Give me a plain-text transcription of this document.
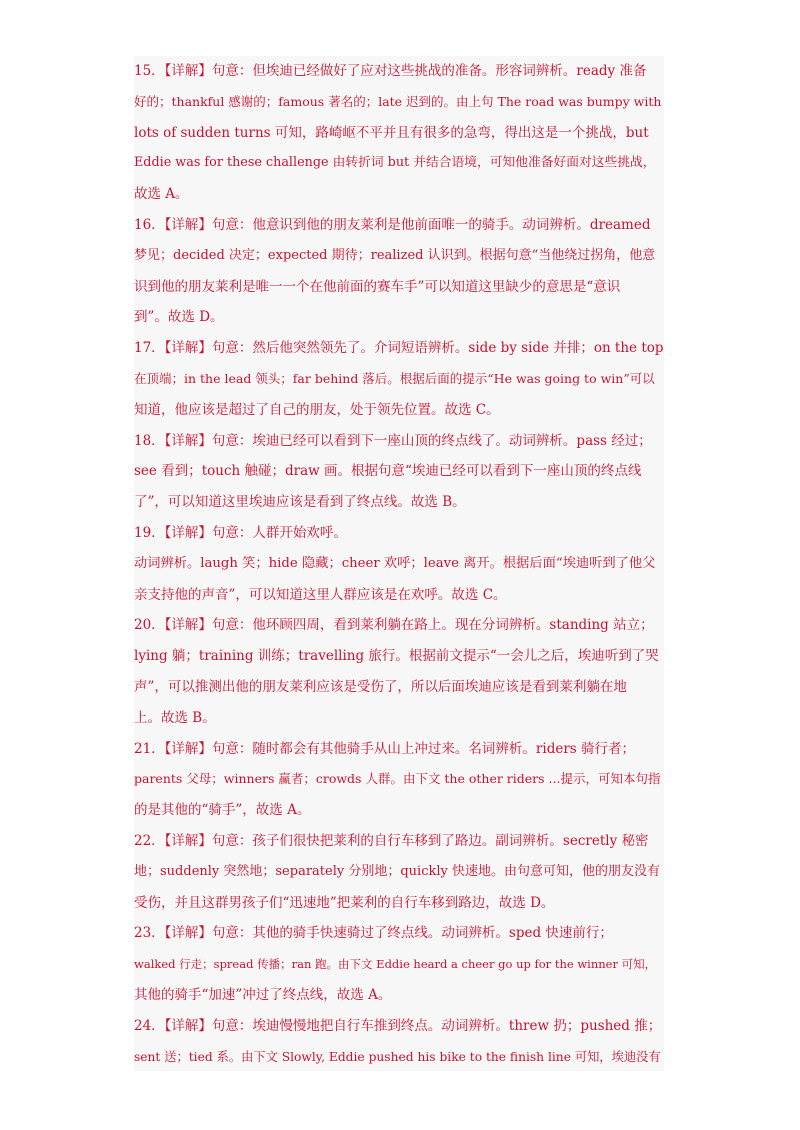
15．【详解】句意：但埃迪已经做好了应对这些挑战的准备。形容词辨析。ready 准备
好的；thankful 感谢的；famous 著名的；late 迟到的。由上句 The road was bumpy with
lots of sudden turns 可知，路崎岖不平并且有很多的急弯，得出这是一个挑战，but
Eddie was for these challenge 由转折词 but 并结合语境，可知他准备好面对这些挑战，
故选 A。
16．【详解】句意：他意识到他的朋友莱利是他前面唯一的骑手。动词辨析。dreamed
梦见；decided 决定；expected 期待；realized 认识到。根据句意“当他绕过拐角，他意
识到他的朋友莱利是唯一一个在他前面的赛车手”可以知道这里缺少的意思是“意识
到”。故选 D。
17．【详解】句意：然后他突然领先了。介词短语辨析。side by side 并排；on the top
在顶端；in the lead 领头；far behind 落后。根据后面的提示“He was going to win”可以
知道，他应该是超过了自己的朋友，处于领先位置。故选 C。
18．【详解】句意：埃迪已经可以看到下一座山顶的终点线了。动词辨析。pass 经过；
see 看到；touch 触碰；draw 画。根据句意“埃迪已经可以看到下一座山顶的终点线
了”，可以知道这里埃迪应该是看到了终点线。故选 B。
19．【详解】句意：人群开始欢呼。
动词辨析。laugh 笑；hide 隐藏；cheer 欢呼；leave 离开。根据后面“埃迪听到了他父
亲支持他的声音”，可以知道这里人群应该是在欢呼。故选 C。
20．【详解】句意：他环顾四周，看到莱利躺在路上。现在分词辨析。standing 站立；
lying 躺；training 训练；travelling 旅行。根据前文提示“一会儿之后，埃迪听到了哭
声”，可以推测出他的朋友莱利应该是受伤了，所以后面埃迪应该是看到莱利躺在地
上。故选 B。
21．【详解】句意：随时都会有其他骑手从山上冲过来。名词辨析。riders 骑行者；
parents 父母；winners 赢者；crowds 人群。由下文 the other riders ...提示，可知本句指
的是其他的“骑手”，故选 A。
22．【详解】句意：孩子们很快把莱利的自行车移到了路边。副词辨析。secretly 秘密
地；suddenly 突然地；separately 分别地；quickly 快速地。由句意可知，他的朋友没有
受伤，并且这群男孩子们“迅速地”把莱利的自行车移到路边，故选 D。
23．【详解】句意：其他的骑手快速骑过了终点线。动词辨析。sped 快速前行；
walked 行走；spread 传播；ran 跑。由下文 Eddie heard a cheer go up for the winner 可知，
其他的骑手“加速”冲过了终点线，故选 A。
24．【详解】句意：埃迪慢慢地把自行车推到终点。动词辨析。threw 扔；pushed 推；
sent 送；tied 系。由下文 Slowly, Eddie pushed his bike to the finish line 可知，埃迪没有
